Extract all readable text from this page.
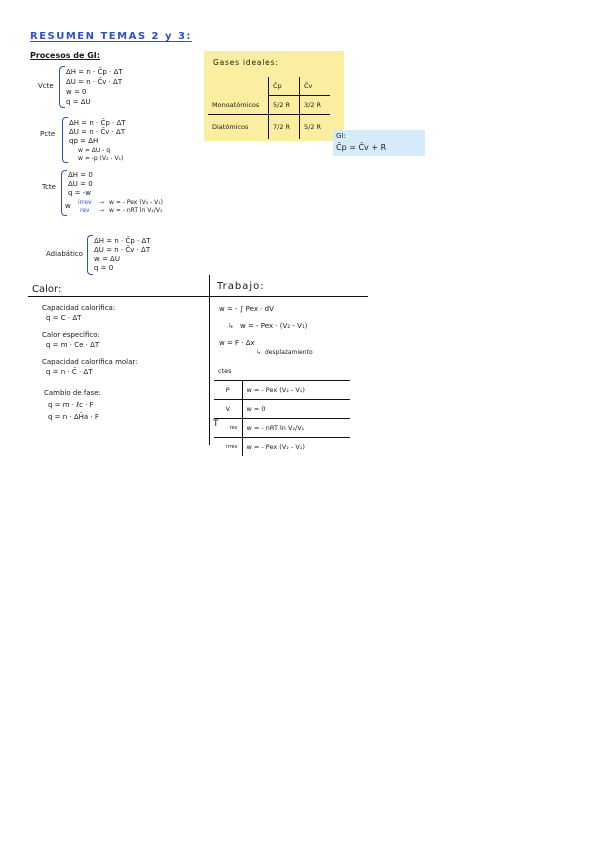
RESUMEN TEMAS 2 y 3:
Procesos de GI:
Vcte
ΔH = n · C̄p · ΔT
ΔU = n · C̄v · ΔT
w = 0
q = ΔU
Pcte
ΔH = n · C̄p · ΔT
ΔU = n · C̄v · ΔT
qp = ΔH
w = ΔU - q
w = -p (V₂ - V₁)
Tcte
ΔH = 0
ΔU = 0
q = -w
w irrev → w = - Pex (V₂ - V₁)
rev → w = - nRT ln V₂/V₁
Adiabático
ΔH = n · C̄p · ΔT
ΔU = n · C̄v · ΔT
w = ΔU
q = 0
Gases ideales:
	C̄p	C̄v
Monoatómicos	5/2 R	3/2 R
Diatómicos	7/2 R	5/2 R
GI:
C̄p = C̄v + R
Calor:
Capacidad calorífica:
q = C · ΔT
Calor específico:
q = m · Ce · ΔT
Capacidad calorífica molar:
q = n · C̄ · ΔT
Cambio de fase:
q = m · ℓc · F
q = n · ΔH̄a · F
Trabajo:
w = - ∫ Pex · dV
↳ w = - Pex · (V₂ - V₁)
w = F · Δx
↳ desplazamiento
ctes	
P	w = - Pex (V₂ - V₁)
V	w = 0
rev	w = - nRT ln V₂/V₁
irrev	w = - Pex (V₂ - V₁)
T
